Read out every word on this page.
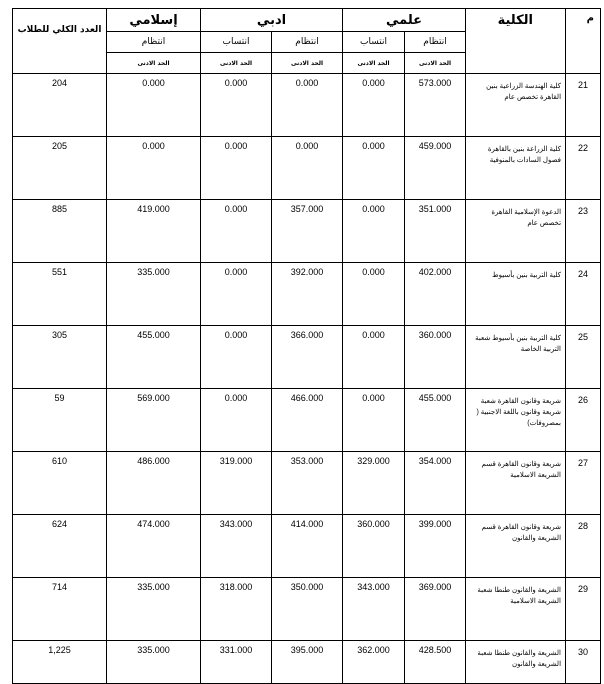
العدد الكلي للطلاب	إسلامي	ادبي		علمي		الكلية	م
	انتظام	انتساب	انتظام	انتساب	انتظام		
	الحد الادنى	الحد الادنى	الحد الادنى	الحد الادنى	الحد الادنى		
204	0.000	0.000	0.000	0.000	573.000	كلية الهندسة الزراعية بنين القاهرة تخصص عام	21
205	0.000	0.000	0.000	0.000	459.000	كلية الزراعة بنين بالقاهرة فصول السادات بالمنوفية	22
885	419.000	0.000	357.000	0.000	351.000	الدعوة الإسلامية القاهرة تخصص عام	23
551	335.000	0.000	392.000	0.000	402.000	كلية التربية بنين بأسيوط	24
305	455.000	0.000	366.000	0.000	360.000	كلية التربية بنين بأسيوط شعبة التربية الخاصة	25
59	569.000	0.000	466.000	0.000	455.000	شريعة وقانون القاهرة شعبة شريعة وقانون باللغة الاجنبية ( بمصروفات)	26
610	486.000	319.000	353.000	329.000	354.000	شريعة وقانون القاهرة قسم الشريعة الاسلامية	27
624	474.000	343.000	414.000	360.000	399.000	شريعة وقانون القاهرة قسم الشريعة والقانون	28
714	335.000	318.000	350.000	343.000	369.000	الشريعة والقانون طنطا شعبة الشريعة الاسلامية	29
1,225	335.000	331.000	395.000	362.000	428.500	الشريعة والقانون طنطا شعبة الشريعة والقانون	30
